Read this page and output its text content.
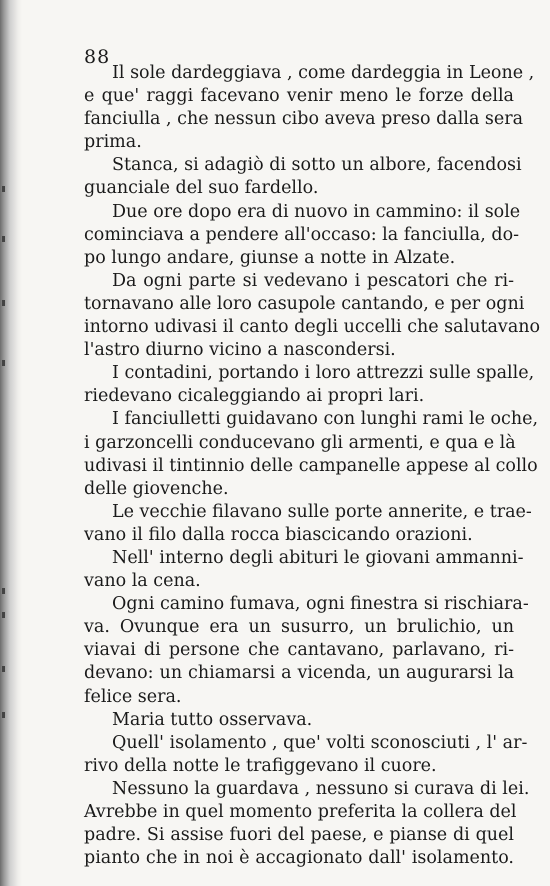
88
Il sole dardeggiava , come dardeggia in Leone ,
e que' raggi facevano venir meno le forze della
fanciulla , che nessun cibo aveva preso dalla sera
prima.
Stanca, si adagiò di sotto un albore, facendosi
guanciale del suo fardello.
Due ore dopo era di nuovo in cammino: il sole
cominciava a pendere all'occaso: la fanciulla, do-
po lungo andare, giunse a notte in Alzate.
Da ogni parte si vedevano i pescatori che ri-
tornavano alle loro casupole cantando, e per ogni
intorno udivasi il canto degli uccelli che salutavano
l'astro diurno vicino a nascondersi.
I contadini, portando i loro attrezzi sulle spalle,
riedevano cicaleggiando ai propri lari.
I fanciulletti guidavano con lunghi rami le oche,
i garzoncelli conducevano gli armenti, e qua e là
udivasi il tintinnio delle campanelle appese al collo
delle giovenche.
Le vecchie filavano sulle porte annerite, e trae-
vano il filo dalla rocca biascicando orazioni.
Nell' interno degli abituri le giovani ammanni-
vano la cena.
Ogni camino fumava, ogni finestra si rischiara-
va. Ovunque era un susurro, un brulichio, un
viavai di persone che cantavano, parlavano, ri-
devano: un chiamarsi a vicenda, un augurarsi la
felice sera.
Maria tutto osservava.
Quell' isolamento , que' volti sconosciuti , l' ar-
rivo della notte le trafiggevano il cuore.
Nessuno la guardava , nessuno si curava di lei.
Avrebbe in quel momento preferita la collera del
padre. Si assise fuori del paese, e pianse di quel
pianto che in noi è accagionato dall' isolamento.
